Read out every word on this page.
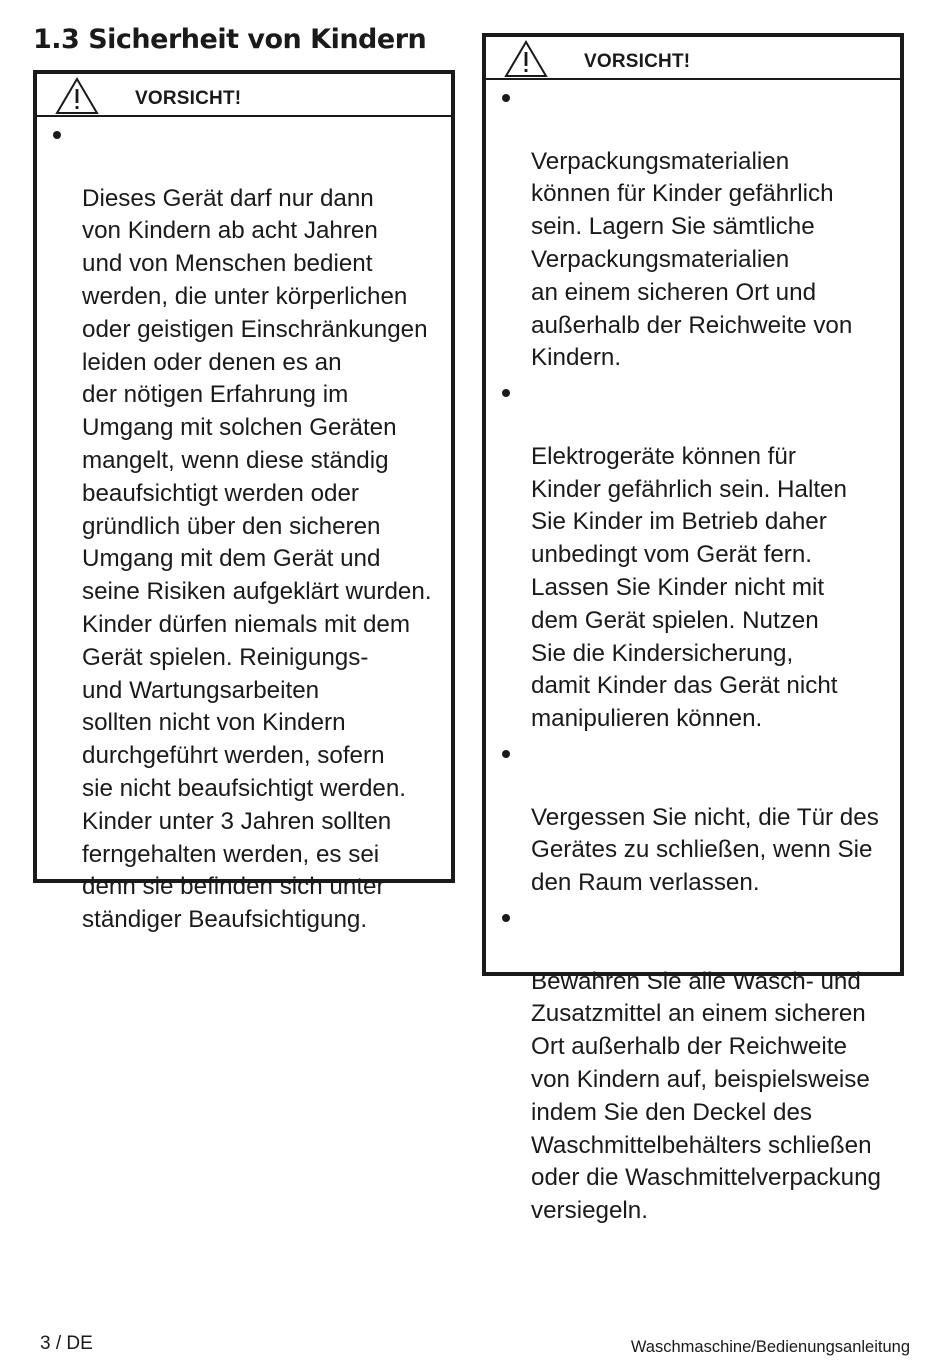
1.3 Sicherheit von Kindern
VORSICHT!

Dieses Gerät darf nur dann
von Kindern ab acht Jahren
und von Menschen bedient
werden, die unter körperlichen
oder geistigen Einschränkungen
leiden oder denen es an
der nötigen Erfahrung im
Umgang mit solchen Geräten
mangelt, wenn diese ständig
beaufsichtigt werden oder
gründlich über den sicheren
Umgang mit dem Gerät und
seine Risiken aufgeklärt wurden.
Kinder dürfen niemals mit dem
Gerät spielen. Reinigungs-
und Wartungsarbeiten
sollten nicht von Kindern
durchgeführt werden, sofern
sie nicht beaufsichtigt werden.
Kinder unter 3 Jahren sollten
ferngehalten werden, es sei
denn sie befinden sich unter
ständiger Beaufsichtigung.

VORSICHT!

Verpackungsmaterialien
können für Kinder gefährlich
sein. Lagern Sie sämtliche
Verpackungsmaterialien
an einem sicheren Ort und
außerhalb der Reichweite von
Kindern.

Elektrogeräte können für
Kinder gefährlich sein. Halten
Sie Kinder im Betrieb daher
unbedingt vom Gerät fern.
Lassen Sie Kinder nicht mit
dem Gerät spielen. Nutzen
Sie die Kindersicherung,
damit Kinder das Gerät nicht
manipulieren können.

Vergessen Sie nicht, die Tür des
Gerätes zu schließen, wenn Sie
den Raum verlassen.

Bewahren Sie alle Wasch- und
Zusatzmittel an einem sicheren
Ort außerhalb der Reichweite
von Kindern auf, beispielsweise
indem Sie den Deckel des
Waschmittelbehälters schließen
oder die Waschmittelverpackung
versiegeln.

3 / DE	Waschmaschine/Bedienungsanleitung
